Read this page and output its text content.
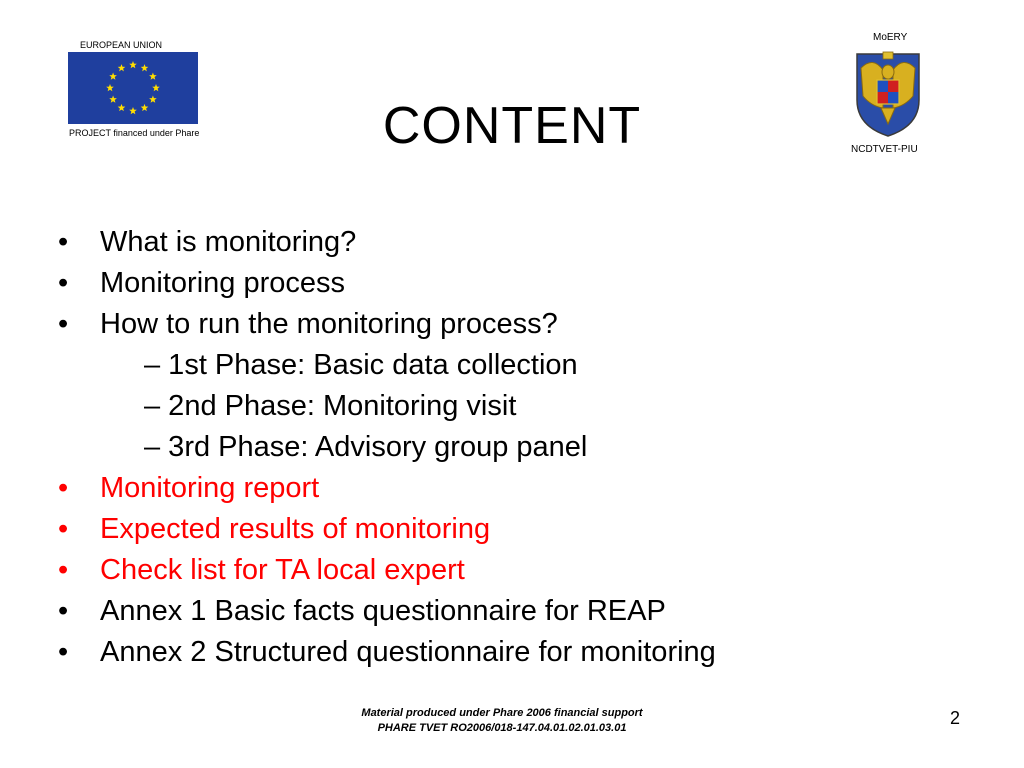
EUROPEAN UNION
PROJECT financed under Phare
MoERY
NCDTVET-PIU
CONTENT
•	What is monitoring?
•	Monitoring process
•	How to run the monitoring process?
– 1st Phase: Basic data collection
– 2nd Phase: Monitoring visit
– 3rd Phase: Advisory group panel
•	Monitoring report
•	Expected results of monitoring
•	Check list for TA local expert
•	Annex 1 Basic facts questionnaire for REAP
•	Annex 2 Structured questionnaire for monitoring
Material produced under Phare 2006 financial support
PHARE TVET RO2006/018-147.04.01.02.01.03.01	2
